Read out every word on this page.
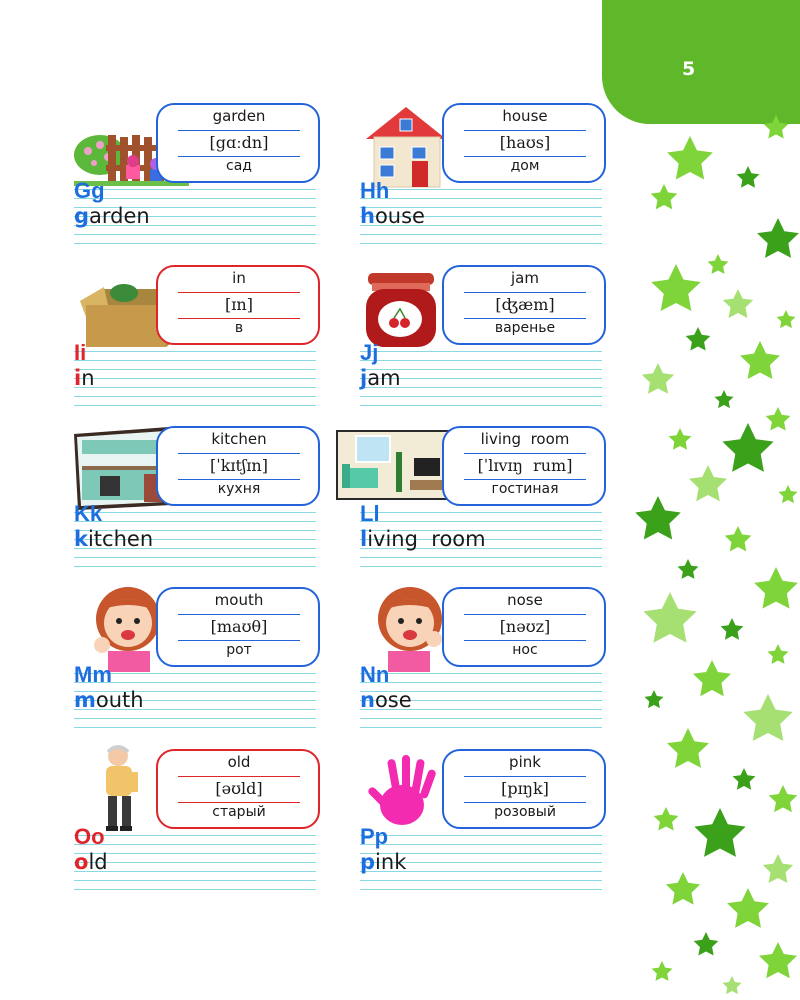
5
garden
[gɑːdn]
сад
Gg
garden
house
[haʊs]
дом
Hh
house
in
[ɪn]
в
Ii
in
jam
[ʤæm]
варенье
Jj
jam
kitchen
[ˈkɪtʃɪn]
кухня
Kk
kitchen
living  room
[ˈlɪvɪŋ  rum]
гостиная
Ll
living  room
mouth
[maʊθ]
рот
Mm
mouth
nose
[nəʊz]
нос
Nn
nose
old
[əʊld]
старый
Oo
old
pink
[pɪŋk]
розовый
Pp
pink
